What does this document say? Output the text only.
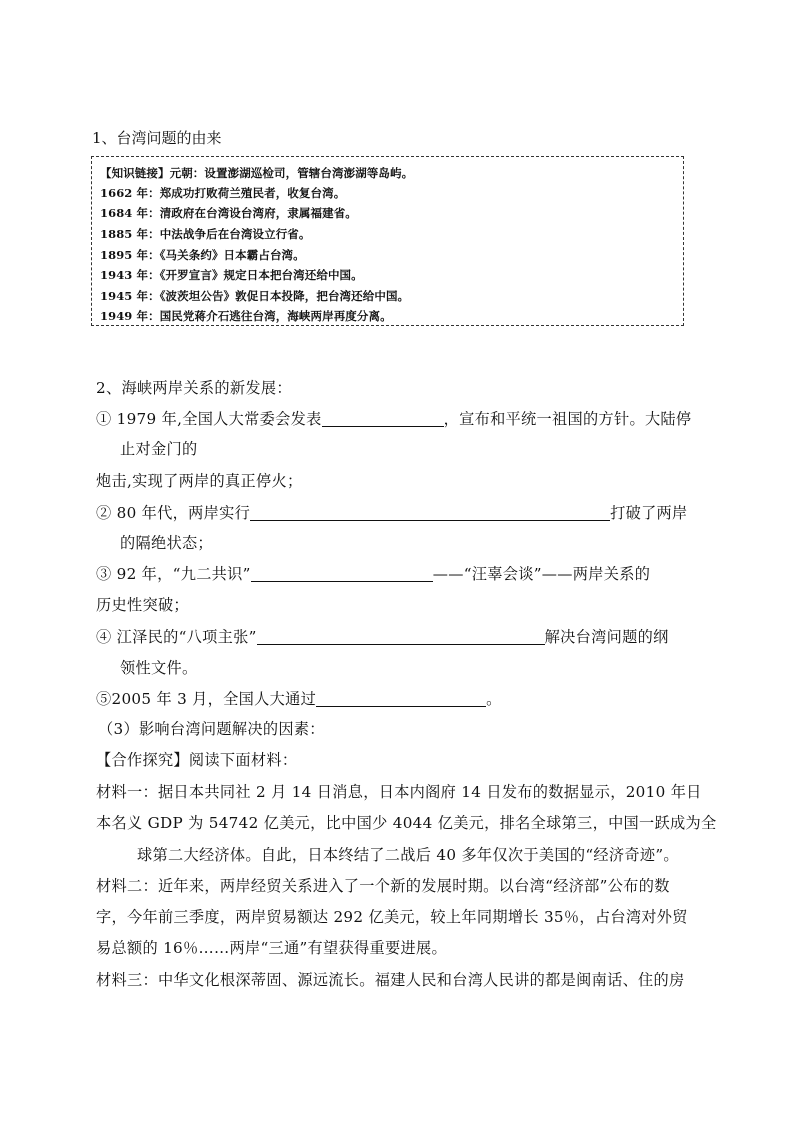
1、台湾问题的由来
【知识链接】元朝：设置澎湖巡检司，管辖台湾澎湖等岛屿。
1662 年：郑成功打败荷兰殖民者，收复台湾。
1684 年：清政府在台湾设台湾府，隶属福建省。
1885 年：中法战争后在台湾设立行省。
1895 年：《马关条约》日本霸占台湾。
1943 年：《开罗宣言》规定日本把台湾还给中国。
1945 年：《波茨坦公告》敦促日本投降，把台湾还给中国。
1949 年：国民党蒋介石逃往台湾，海峡两岸再度分离。
2、海峡两岸关系的新发展：
① 1979 年,全国人大常委会发表	，宣布和平统一祖国的方针。大陆停
止对金门的
炮击,实现了两岸的真正停火；
② 80 年代，两岸实行	打破了两岸
的隔绝状态；
③ 92 年，“九二共识”	——“汪辜会谈”——两岸关系的
历史性突破；
④ 江泽民的“八项主张”	解决台湾问题的纲
领性文件。
⑤2005 年 3 月，全国人大通过	。
（3）影响台湾问题解决的因素：
【合作探究】阅读下面材料：
材料一：据日本共同社 2 月 14 日消息，日本内阁府 14 日发布的数据显示，2010 年日
本名义 GDP 为 54742 亿美元，比中国少 4044 亿美元，排名全球第三，中国一跃成为全
球第二大经济体。自此，日本终结了二战后 40 多年仅次于美国的“经济奇迹”。
材料二：近年来，两岸经贸关系进入了一个新的发展时期。以台湾“经济部”公布的数
字，今年前三季度，两岸贸易额达 292 亿美元，较上年同期增长 35％，占台湾对外贸
易总额的 16％……两岸“三通”有望获得重要进展。
材料三：中华文化根深蒂固、源远流长。福建人民和台湾人民讲的都是闽南话、住的房
